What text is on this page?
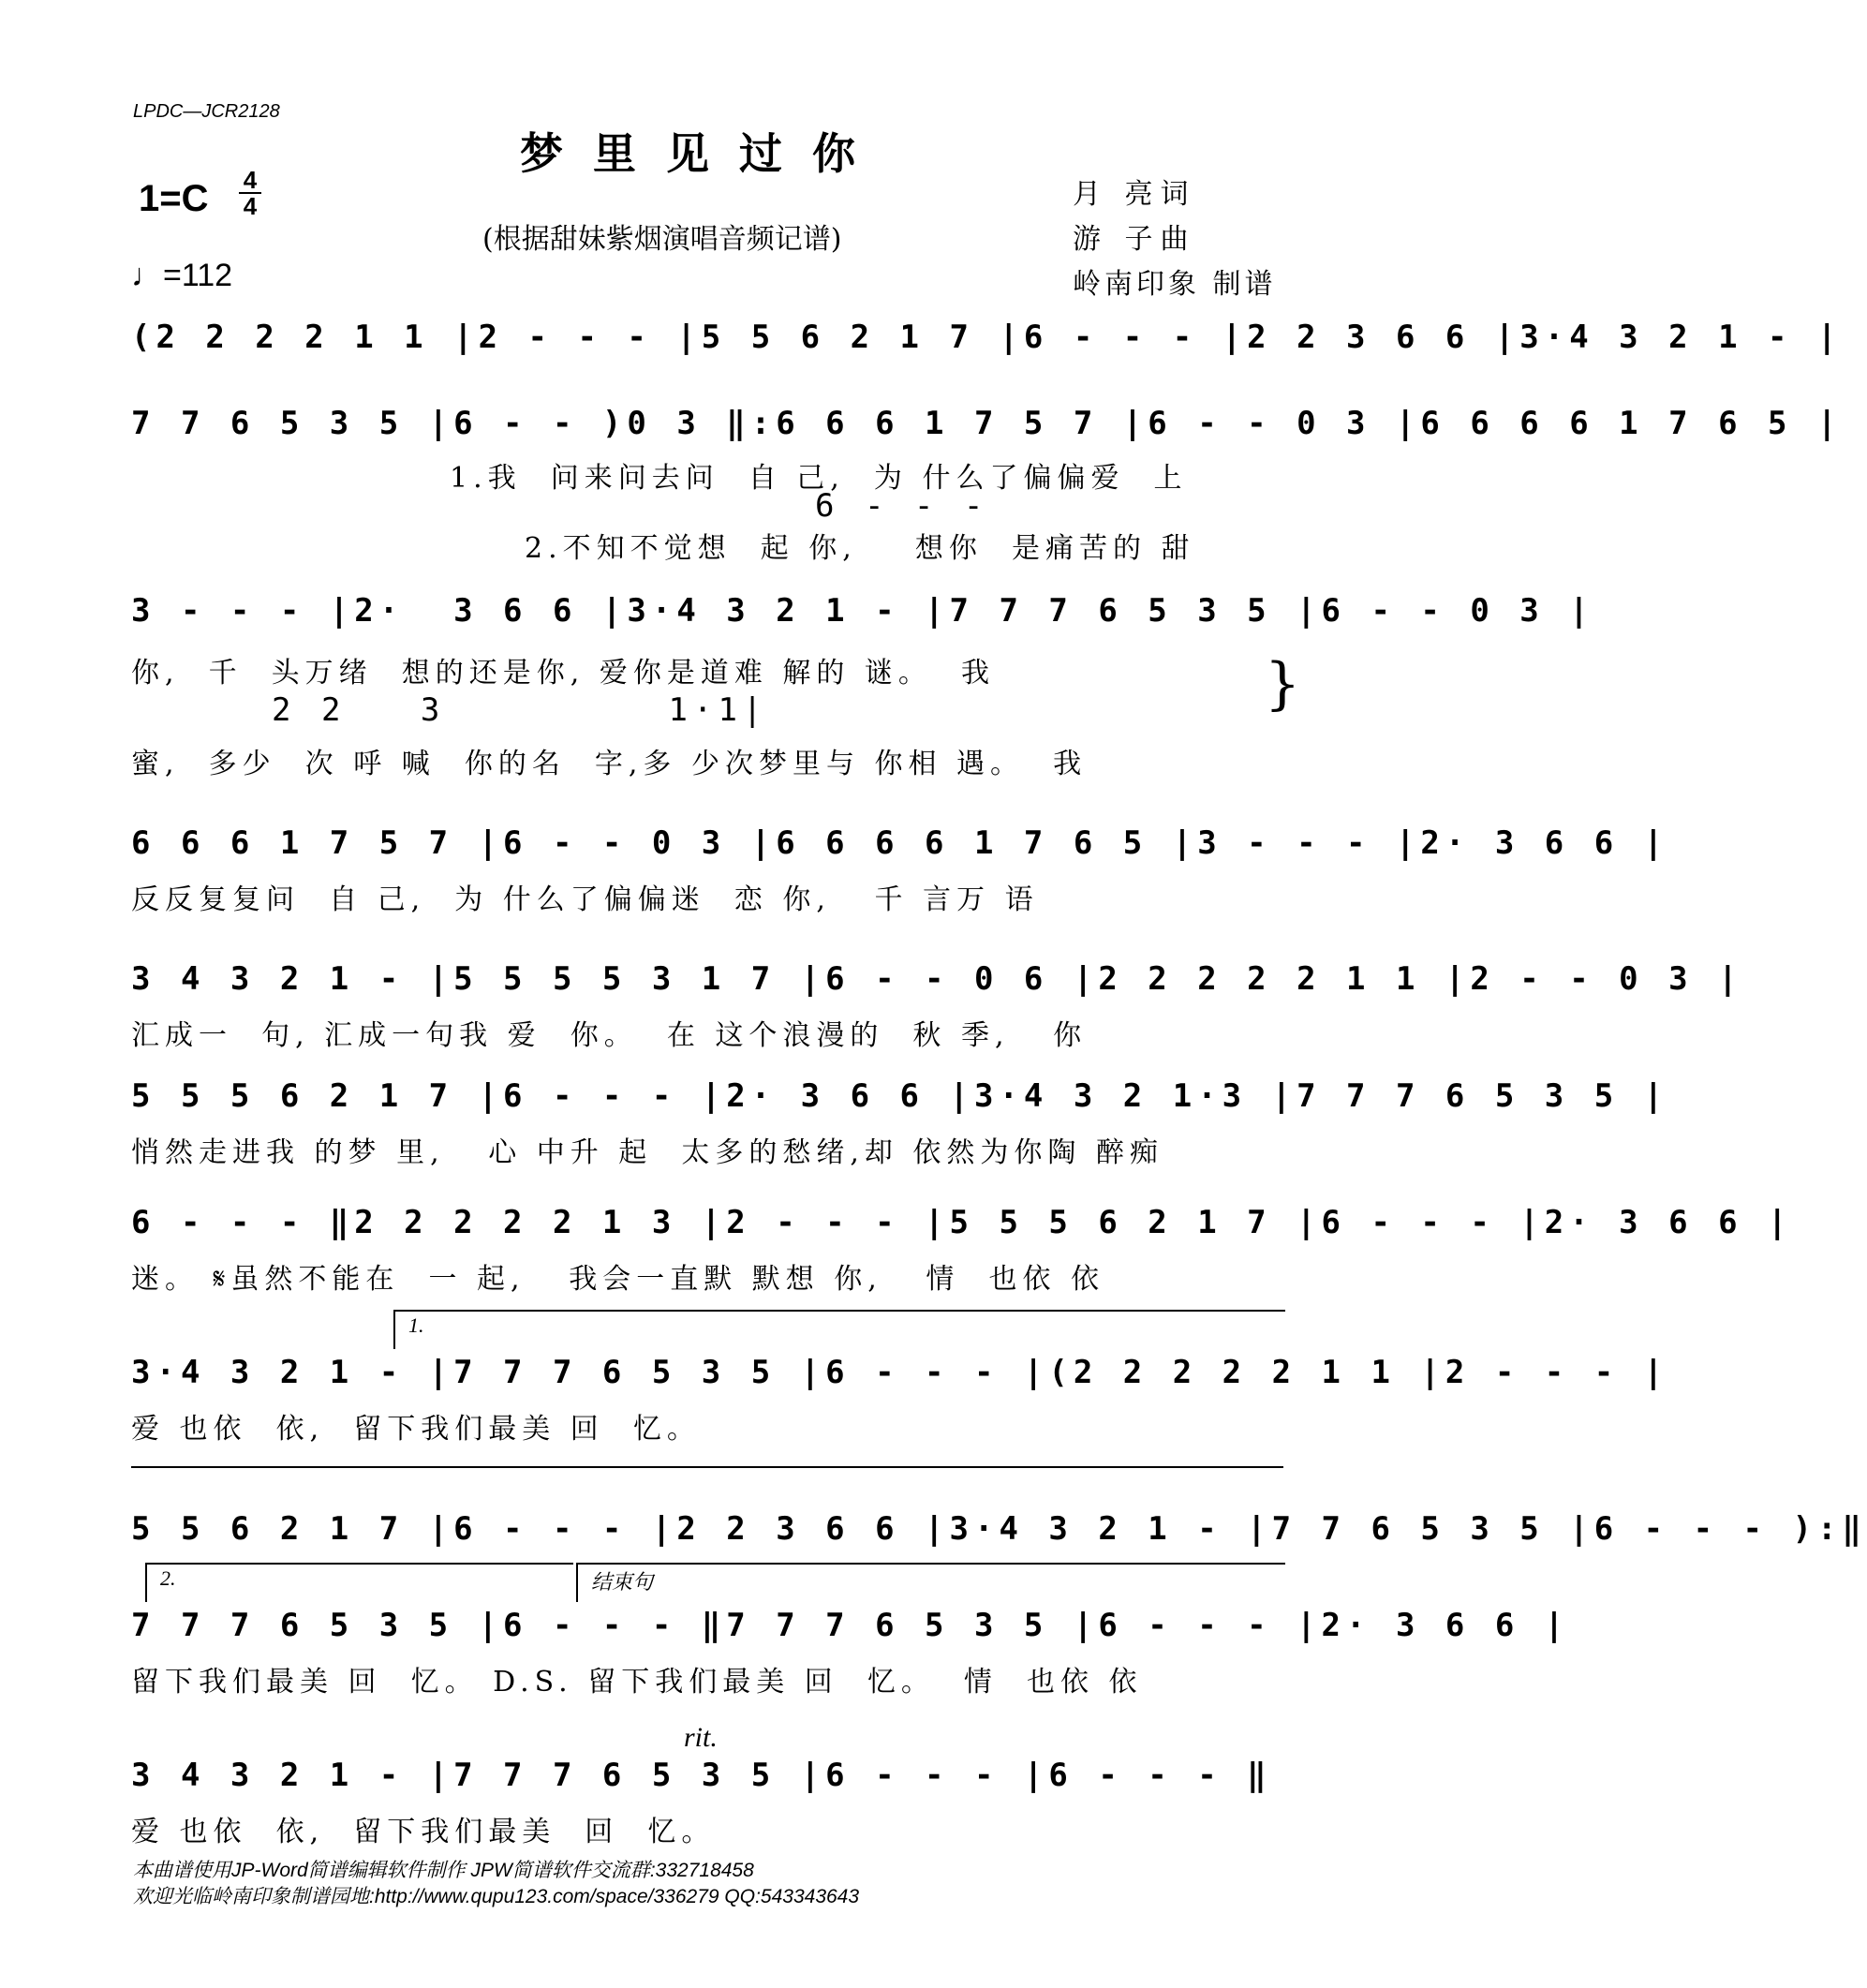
LPDC—JCR2128
梦里见过你
1=C 4
4
(根据甜妹紫烟演唱音频记谱)
♩=112
月 亮词
游 子曲
岭南印象 制谱
(2 2 2 2 1 1 |2 - - - |5 5 6 2 1 7 |6 - - - |2 2 3 6 6 |3·4 3 2 1 - |
7 7 6 5 3 5 |6 - - )0 3 ‖:6 6 6 1 7 5 7 |6 - - 0 3 |6 6 6 6 1 7 6 5 |
1.我  问来问去问  自 己,  为 什么了偏偏爱  上
6 - - -
2.不知不觉想  起 你,    想你  是痛苦的 甜
3 - - - |2·  3 6 6 |3·4 3 2 1 - |7 7 7 6 5 3 5 |6 - - 0 3 |
你,  千  头万绪  想的还是你, 爱你是道难 解的 谜。  我
2 2   3         1·1|
蜜,  多少  次 呼 喊  你的名  字,多 少次梦里与 你相 遇。  我
}
6 6 6 1 7 5 7 |6 - - 0 3 |6 6 6 6 1 7 6 5 |3 - - - |2· 3 6 6 |
反反复复问  自 己,  为 什么了偏偏迷  恋 你,   千 言万 语
3 4 3 2 1 - |5 5 5 5 3 1 7 |6 - - 0 6 |2 2 2 2 2 1 1 |2 - - 0 3 |
汇成一  句, 汇成一句我 爱  你。  在 这个浪漫的  秋 季,   你
5 5 5 6 2 1 7 |6 - - - |2· 3 6 6 |3·4 3 2 1·3 |7 7 7 6 5 3 5 |
悄然走进我 的梦 里,   心 中升 起  太多的愁绪,却 依然为你陶 醉痴
6 - - - ‖2 2 2 2 2 1 3 |2 - - - |5 5 5 6 2 1 7 |6 - - - |2· 3 6 6 |
迷。 𝄋虽然不能在  一 起,   我会一直默 默想 你,   情  也依 依
1.
3·4 3 2 1 - |7 7 7 6 5 3 5 |6 - - - |(2 2 2 2 2 1 1 |2 - - - |
爱 也依  依,  留下我们最美 回  忆。
5 5 6 2 1 7 |6 - - - |2 2 3 6 6 |3·4 3 2 1 - |7 7 6 5 3 5 |6 - - - ):‖
2.	结束句
7 7 7 6 5 3 5 |6 - - - ‖7 7 7 6 5 3 5 |6 - - - |2· 3 6 6 |
留下我们最美 回  忆。 D.S. 留下我们最美 回  忆。  情  也依 依
rit.
3 4 3 2 1 - |7 7 7 6 5 3 5 |6 - - - |6 - - - ‖
爱 也依  依,  留下我们最美  回  忆。
本曲谱使用JP-Word简谱编辑软件制作 JPW简谱软件交流群:332718458
欢迎光临岭南印象制谱园地:http://www.qupu123.com/space/336279 QQ:543343643
